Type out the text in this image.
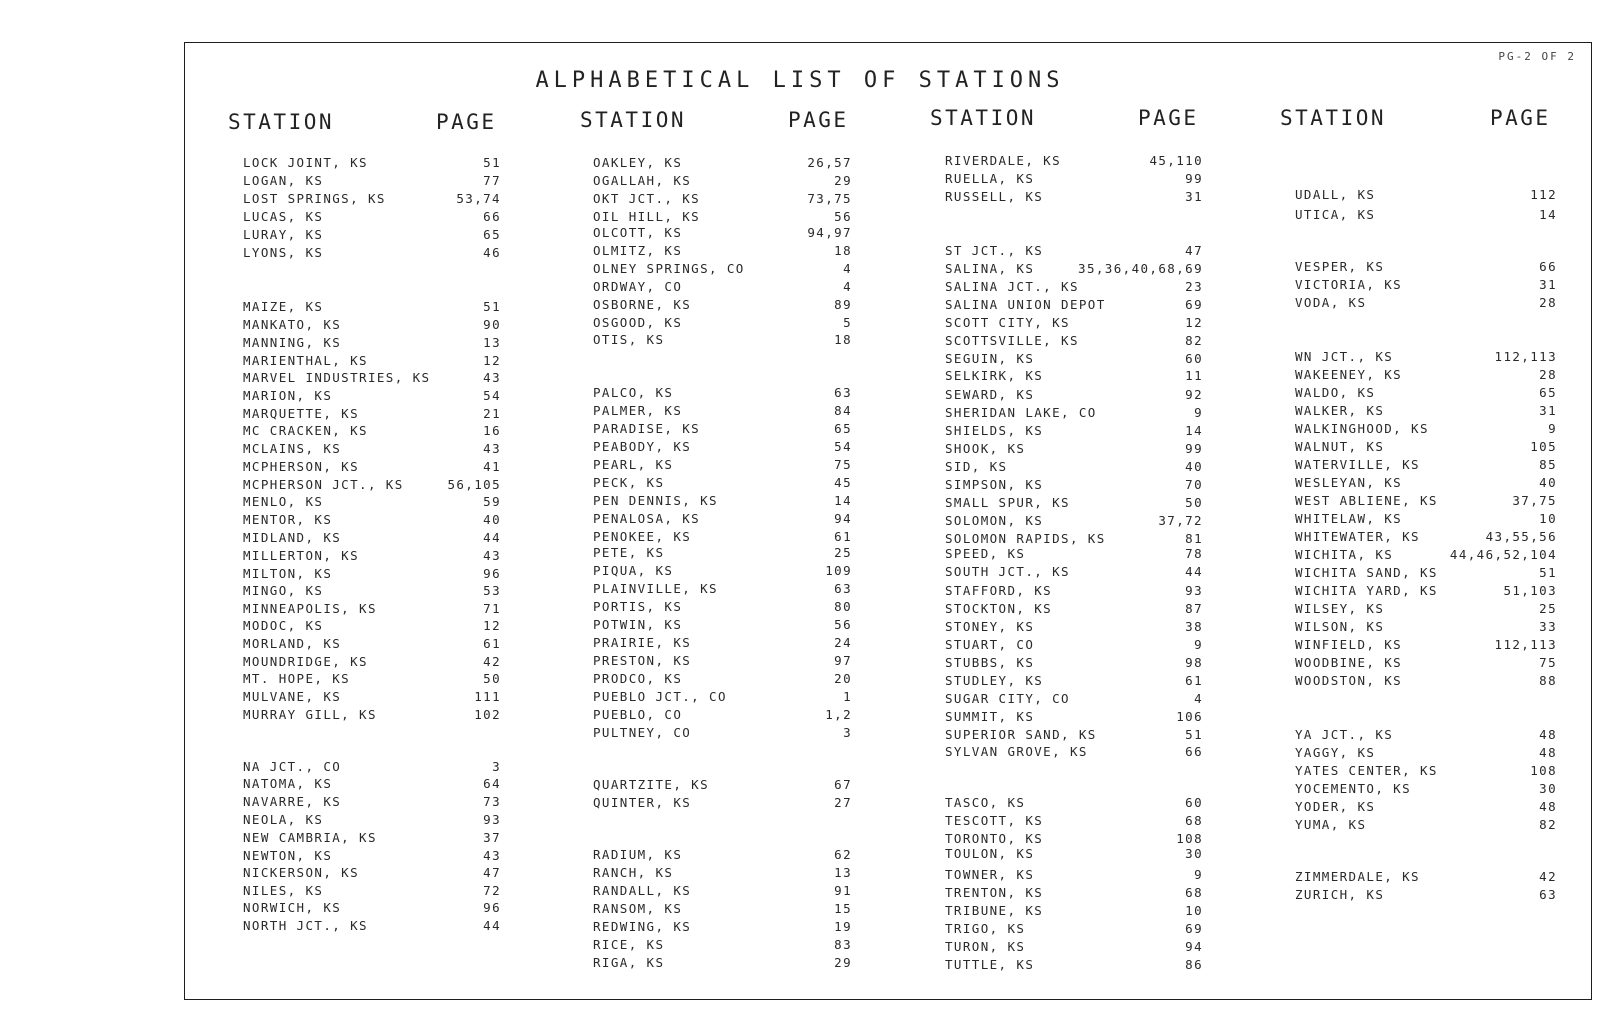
PG-2 OF 2
ALPHABETICAL LIST OF STATIONS
STATION	PAGE
LOCK JOINT, KS	51
LOGAN, KS	77
LOST SPRINGS, KS	53,74
LUCAS, KS	66
LURAY, KS	65
LYONS, KS	46
MAIZE, KS	51
MANKATO, KS	90
MANNING, KS	13
MARIENTHAL, KS	12
MARVEL INDUSTRIES, KS	43
MARION, KS	54
MARQUETTE, KS	21
MC CRACKEN, KS	16
MCLAINS, KS	43
MCPHERSON, KS	41
MCPHERSON JCT., KS	56,105
MENLO, KS	59
MENTOR, KS	40
MIDLAND, KS	44
MILLERTON, KS	43
MILTON, KS	96
MINGO, KS	53
MINNEAPOLIS, KS	71
MODOC, KS	12
MORLAND, KS	61
MOUNDRIDGE, KS	42
MT. HOPE, KS	50
MULVANE, KS	111
MURRAY GILL, KS	102
NA JCT., CO	3
NATOMA, KS	64
NAVARRE, KS	73
NEOLA, KS	93
NEW CAMBRIA, KS	37
NEWTON, KS	43
NICKERSON, KS	47
NILES, KS	72
NORWICH, KS	96
NORTH JCT., KS	44
STATION	PAGE
OAKLEY, KS	26,57
OGALLAH, KS	29
OKT JCT., KS	73,75
OIL HILL, KS	56
OLCOTT, KS	94,97
OLMITZ, KS	18
OLNEY SPRINGS, CO	4
ORDWAY, CO	4
OSBORNE, KS	89
OSGOOD, KS	5
OTIS, KS	18
PALCO, KS	63
PALMER, KS	84
PARADISE, KS	65
PEABODY, KS	54
PEARL, KS	75
PECK, KS	45
PEN DENNIS, KS	14
PENALOSA, KS	94
PENOKEE, KS	61
PETE, KS	25
PIQUA, KS	109
PLAINVILLE, KS	63
PORTIS, KS	80
POTWIN, KS	56
PRAIRIE, KS	24
PRESTON, KS	97
PRODCO, KS	20
PUEBLO JCT., CO	1
PUEBLO, CO	1,2
PULTNEY, CO	3
QUARTZITE, KS	67
QUINTER, KS	27
RADIUM, KS	62
RANCH, KS	13
RANDALL, KS	91
RANSOM, KS	15
REDWING, KS	19
RICE, KS	83
RIGA, KS	29
STATION	PAGE
RIVERDALE, KS	45,110
RUELLA, KS	99
RUSSELL, KS	31
ST JCT., KS	47
SALINA, KS	35,36,40,68,69
SALINA JCT., KS	23
SALINA UNION DEPOT	69
SCOTT CITY, KS	12
SCOTTSVILLE, KS	82
SEGUIN, KS	60
SELKIRK, KS	11
SEWARD, KS	92
SHERIDAN LAKE, CO	9
SHIELDS, KS	14
SHOOK, KS	99
SID, KS	40
SIMPSON, KS	70
SMALL SPUR, KS	50
SOLOMON, KS	37,72
SOLOMON RAPIDS, KS	81
SPEED, KS	78
SOUTH JCT., KS	44
STAFFORD, KS	93
STOCKTON, KS	87
STONEY, KS	38
STUART, CO	9
STUBBS, KS	98
STUDLEY, KS	61
SUGAR CITY, CO	4
SUMMIT, KS	106
SUPERIOR SAND, KS	51
SYLVAN GROVE, KS	66
TASCO, KS	60
TESCOTT, KS	68
TORONTO, KS	108
TOULON, KS	30
TOWNER, KS	9
TRENTON, KS	68
TRIBUNE, KS	10
TRIGO, KS	69
TURON, KS	94
TUTTLE, KS	86
STATION	PAGE
UDALL, KS	112
UTICA, KS	14
VESPER, KS	66
VICTORIA, KS	31
VODA, KS	28
WN JCT., KS	112,113
WAKEENEY, KS	28
WALDO, KS	65
WALKER, KS	31
WALKINGHOOD, KS	9
WALNUT, KS	105
WATERVILLE, KS	85
WESLEYAN, KS	40
WEST ABLIENE, KS	37,75
WHITELAW, KS	10
WHITEWATER, KS	43,55,56
WICHITA, KS	44,46,52,104
WICHITA SAND, KS	51
WICHITA YARD, KS	51,103
WILSEY, KS	25
WILSON, KS	33
WINFIELD, KS	112,113
WOODBINE, KS	75
WOODSTON, KS	88
YA JCT., KS	48
YAGGY, KS	48
YATES CENTER, KS	108
YOCEMENTO, KS	30
YODER, KS	48
YUMA, KS	82
ZIMMERDALE, KS	42
ZURICH, KS	63
